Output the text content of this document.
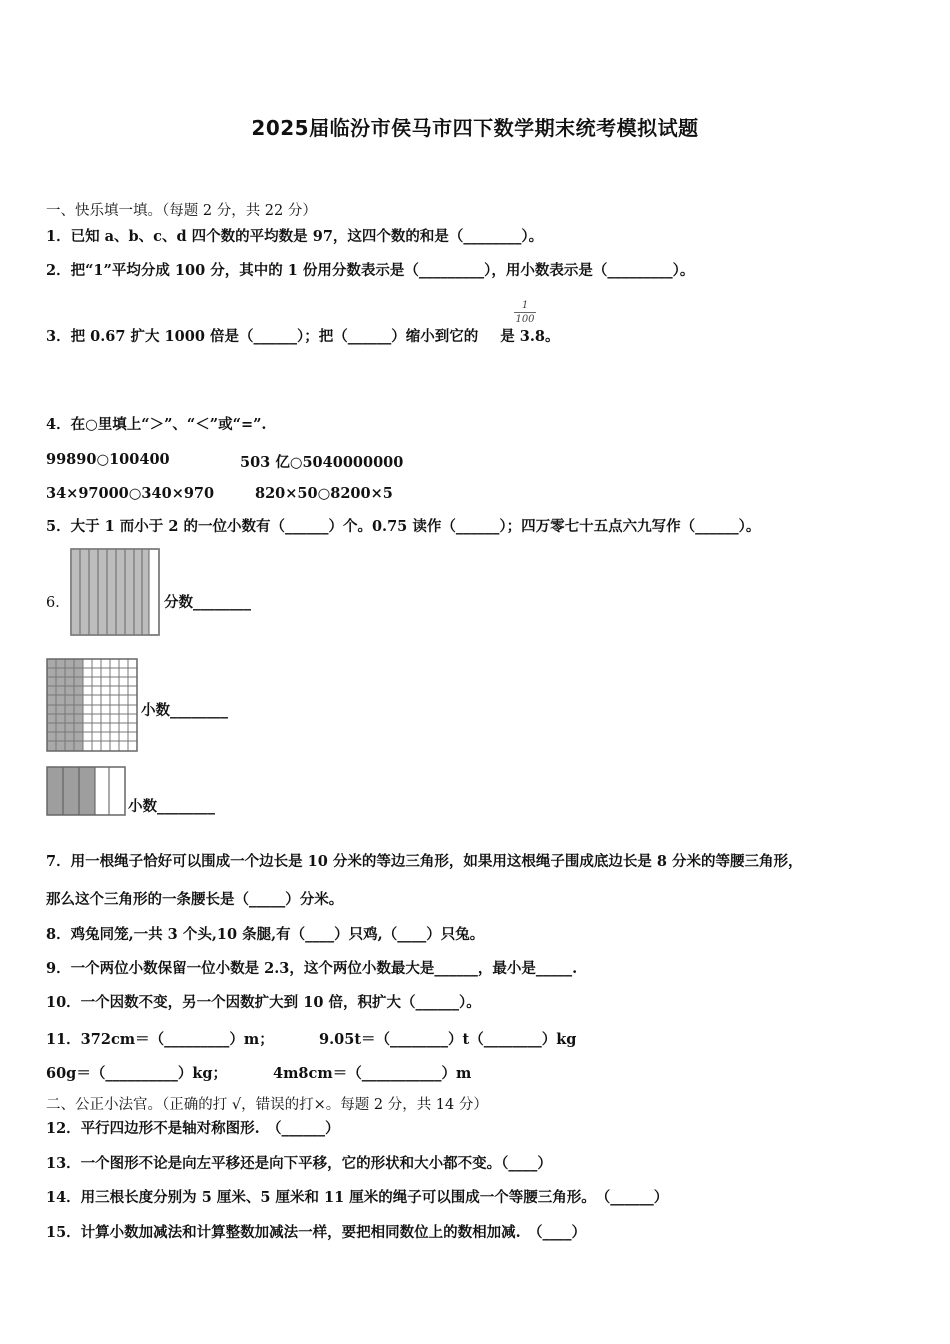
2025届临汾市侯马市四下数学期末统考模拟试题
一、快乐填一填。（每题 2 分，共 22 分）
1．已知 a、b、c、d 四个数的平均数是 97，这四个数的和是（________）。
2．把“1”平均分成 100 分，其中的 1 份用分数表示是（_________），用小数表示是（_________）。
3．把 0.67 扩大 1000 倍是（______）；把（______）缩小到它的 是 3.8。
1
100
4．在○里填上“＞”、“＜”或“=”.
99890○100400	503 亿○5040000000
34×97000○340×970	820×50○8200×5
5．大于 1 而小于 2 的一位小数有（______）个。0.75 读作（______）；四万零七十五点六九写作（______）。
6．	分数________
小数________
小数________
7．用一根绳子恰好可以围成一个边长是 10 分米的等边三角形，如果用这根绳子围成底边长是 8 分米的等腰三角形，
那么这个三角形的一条腰长是（_____）分米。
8．鸡兔同笼,一共 3 个头,10 条腿,有（____）只鸡,（____）只兔。
9．一个两位小数保留一位小数是 2.3，这个两位小数最大是______，最小是_____.
10．一个因数不变，另一个因数扩大到 10 倍，积扩大（______）。
11．372cm＝（_________）m；	9.05t＝（________）t（________）kg
60g＝（__________）kg；	4m8cm＝（___________）m
二、公正小法官。（正确的打 √，错误的打×。每题 2 分，共 14 分）
12．平行四边形不是轴对称图形.　（______）
13．一个图形不论是向左平移还是向下平移，它的形状和大小都不变。（____）
14．用三根长度分别为 5 厘米、5 厘米和 11 厘米的绳子可以围成一个等腰三角形。　（______）
15．计算小数加减法和计算整数加减法一样，要把相同数位上的数相加减.　（____）
